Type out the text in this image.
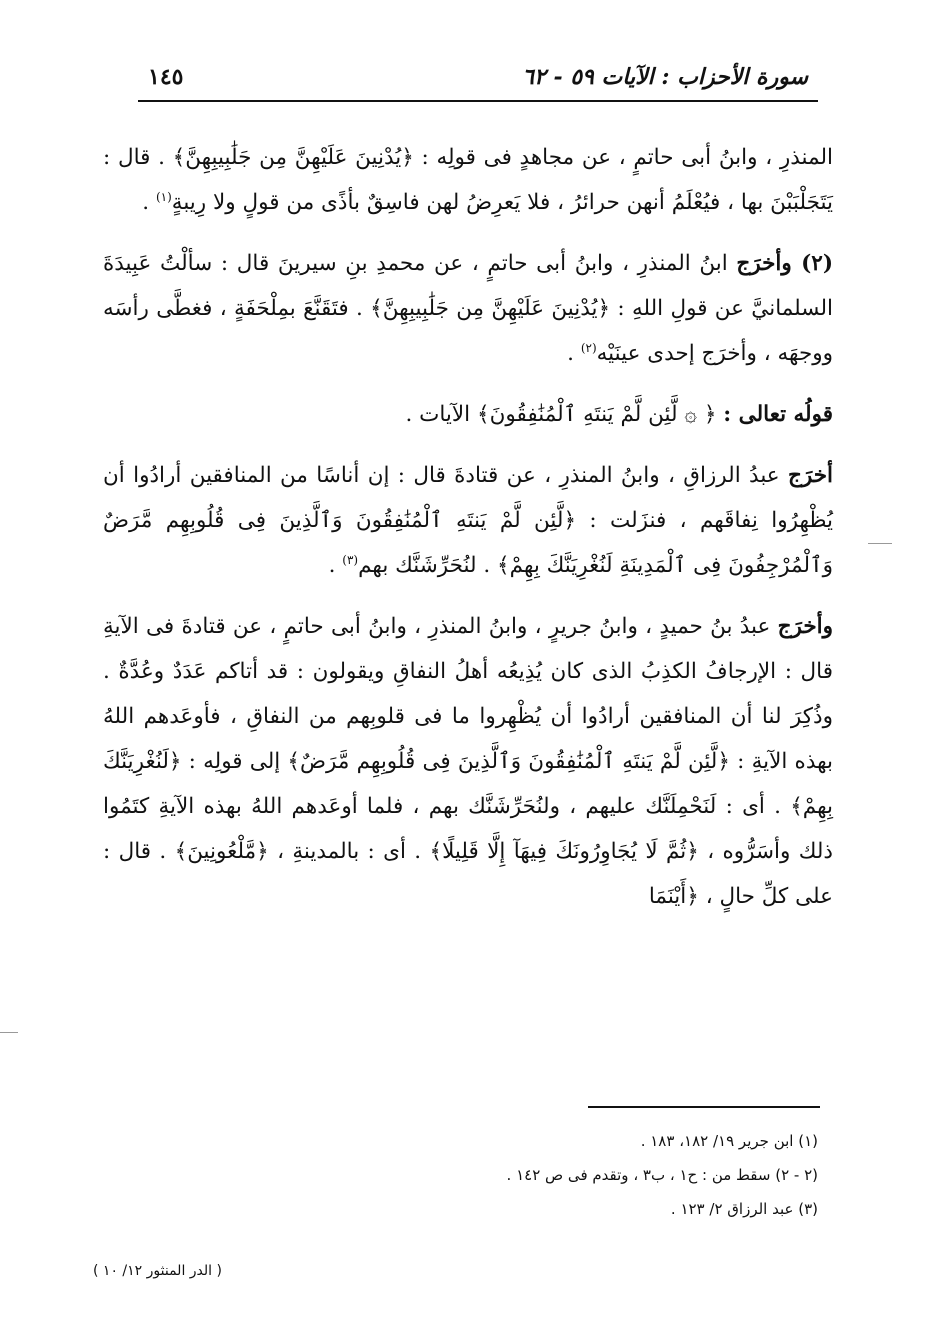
سورة الأحزاب : الآيات ٥٩ - ٦٢
١٤٥

المنذرِ ، وابنُ أبى حاتمٍ ، عن مجاهدٍ فى قولِه : ﴿يُدْنِينَ عَلَيْهِنَّ مِن جَلَٰبِيبِهِنَّ﴾ . قال : يَتَجَلْبَبْنَ بها ، فيُعْلَمُ أنهن حرائرُ ، فلا يَعرِضُ لهن فاسِقٌ بأذًى من قولٍ ولا رِيبةٍ$^{(١)}$ .

(٢) وأخرَج ابنُ المنذرِ ، وابنُ أبى حاتمٍ ، عن محمدِ بنِ سيرينَ قال : سألْتُ عَبِيدَةَ السلمانيَّ عن قولِ اللهِ : ﴿يُدْنِينَ عَلَيْهِنَّ مِن جَلَٰبِيبِهِنَّ﴾ . فتَقَنَّعَ بمِلْحَفَةٍ ، فغطَّى رأسَه ووجهَه ، وأخرَج إحدى عينَيْه$^{(٢)}$ .

قولُه تعالى : ﴿ ۞ لَّئِن لَّمْ يَنتَهِ ٱلْمُنَٰفِقُونَ﴾ الآيات .

أخرَج عبدُ الرزاقِ ، وابنُ المنذرِ ، عن قتادةَ قال : إن أناسًا من المنافقين أرادُوا أن يُظْهِرُوا نِفاقَهم ، فنزَلت : ﴿لَّئِن لَّمْ يَنتَهِ ٱلْمُنَٰفِقُونَ وَٱلَّذِينَ فِى قُلُوبِهِم مَّرَضٌ وَٱلْمُرْجِفُونَ فِى ٱلْمَدِينَةِ لَنُغْرِيَنَّكَ بِهِمْ﴾ . لنُحَرِّشَنَّك بهم$^{(٣)}$ .

وأخرَج عبدُ بنُ حميدٍ ، وابنُ جريرٍ ، وابنُ المنذرِ ، وابنُ أبى حاتمٍ ، عن قتادةَ فى الآيةِ قال : الإرجافُ الكذِبُ الذى كان يُذِيعُه أهلُ النفاقِ ويقولون : قد أتاكم عَدَدٌ وعُدَّةٌ . وذُكِرَ لنا أن المنافقين أرادُوا أن يُظْهِروا ما فى قلوبِهم من النفاقِ ، فأوعَدهم اللهُ بهذه الآيةِ : ﴿لَّئِن لَّمْ يَنتَهِ ٱلْمُنَٰفِقُونَ وَٱلَّذِينَ فِى قُلُوبِهِم مَّرَضٌ﴾ إلى قولِه : ﴿لَنُغْرِيَنَّكَ بِهِمْ﴾ . أى : لَنَحْمِلَنَّك عليهم ، ولنُحَرِّشَنَّك بهم ، فلما أوعَدهم اللهُ بهذه الآيةِ كتَمُوا ذلك وأسَرُّوه ، ﴿ثُمَّ لَا يُجَاوِرُونَكَ فِيهَآ إِلَّا قَلِيلًا﴾ . أى : بالمدينةِ ، ﴿مَّلْعُونِينَ﴾ . قال : على كلِّ حالٍ ، ﴿أَيْنَمَا

(١) ابن جرير ١٩/ ١٨٢، ١٨٣ .
(٢ - ٢) سقط من : ح١ ، ب٣ ، وتقدم فى ص ١٤٢ .
(٣) عبد الرزاق ٢/ ١٢٣ .
( الدر المنثور ١٢/ ١٠ )
